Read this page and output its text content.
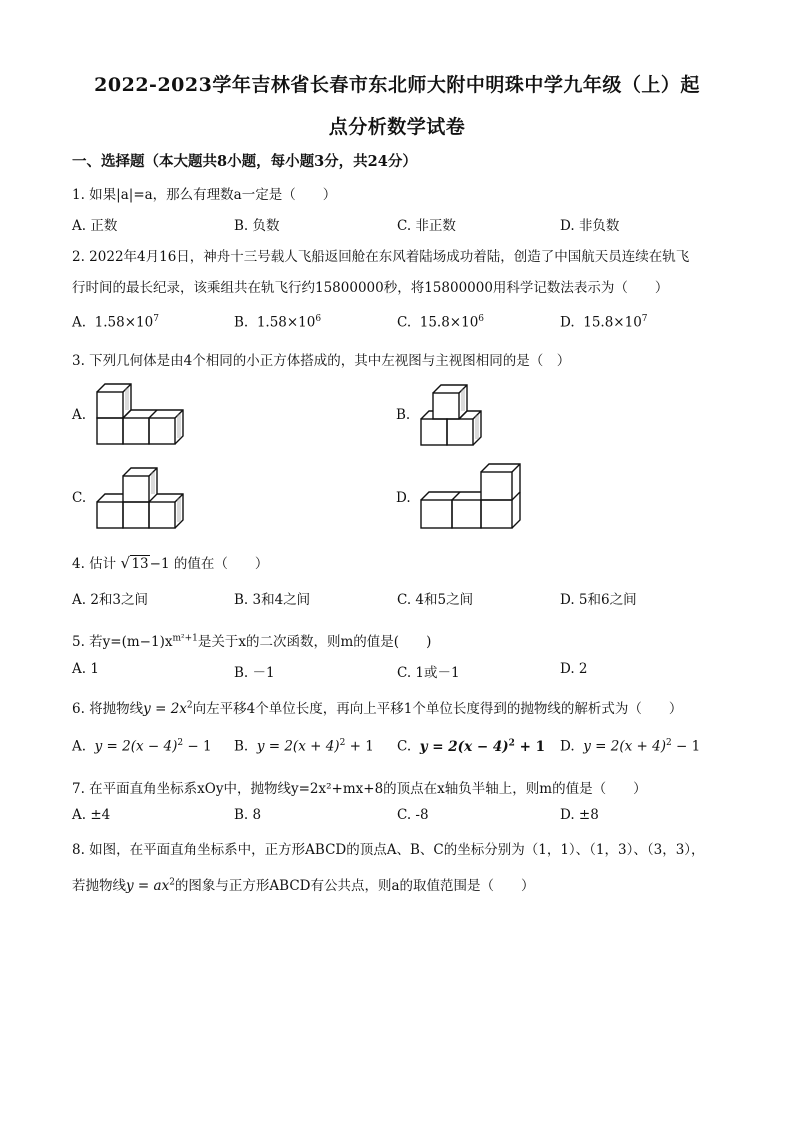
2022-2023学年吉林省长春市东北师大附中明珠中学九年级（上）起
点分析数学试卷
一、选择题（本大题共8小题，每小题3分，共24分）
1. 如果|a|=a，那么有理数a一定是（　　）
A. 正数	B. 负数	C. 非正数	D. 非负数
2. 2022年4月16日，神舟十三号载人飞船返回舱在东风着陆场成功着陆，创造了中国航天员连续在轨飞
行时间的最长纪录，该乘组共在轨飞行约15800000秒，将15800000用科学记数法表示为（　　）
A. $1.58\times 10^7$	B. $1.58\times 10^6$	C. $15.8\times 10^6$	D. $15.8\times 10^7$
3. 下列几何体是由4个相同的小正方体搭成的，其中左视图与主视图相同的是（　）
A.	B.
C.	D.
4. 估计 √ 13−1 的值在（　　）
A. 2和3之间	B. 3和4之间	C. 4和5之间	D. 5和6之间
5. 若$y=(m-1)x^{m^2+1}$是关于x的二次函数，则m的值是(　　)
A. 1	B. －1	C. 1或－1	D. 2
6. 将抛物线$y = 2x^2$向左平移4个单位长度，再向上平移1个单位长度得到的抛物线的解析式为（　　）
A. $y = 2(x - 4)^2 - 1$ B. $y = 2(x + 4)^2 + 1$ C. $y = 2(x - 4)^2 + 1$ D. $y = 2(x + 4)^2 - 1$
7. 在平面直角坐标系xOy中，抛物线y=2x²+mx+8的顶点在x轴负半轴上，则m的值是（　　）
A. ±4	B. 8	C. -8	D. ±8
8. 如图，在平面直角坐标系中，正方形ABCD的顶点A、B、C的坐标分别为（1，1）、（1，3）、（3，3），
若抛物线$y = ax^2$的图象与正方形ABCD有公共点，则a的取值范围是（　　）
